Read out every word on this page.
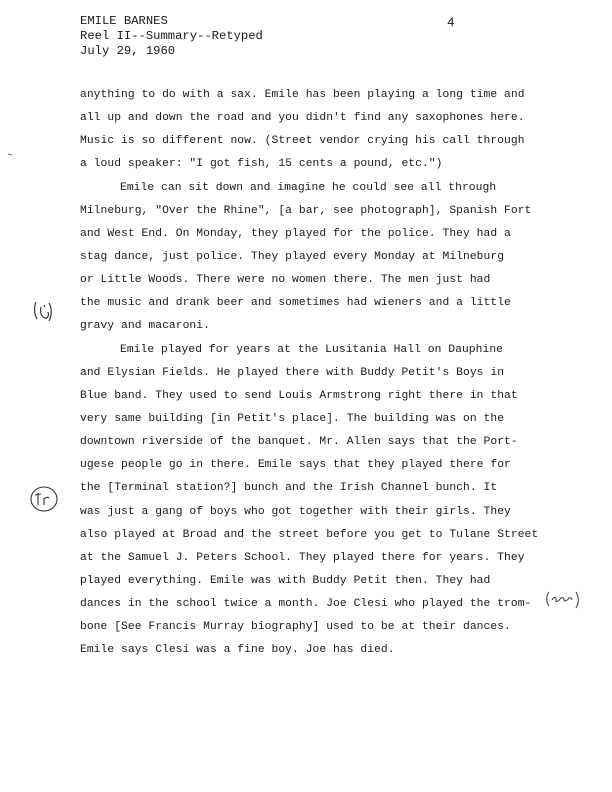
EMILE BARNES
Reel II--Summary--Retyped
July 29, 1960
4
anything to do with a sax. Emile has been playing a long time and
all up and down the road and you didn't find any saxophones here.
Music is so different now. (Street vendor crying his call through
a loud speaker: "I got fish, 15 cents a pound, etc.")
Emile can sit down and imagine he could see all through
Milneburg, "Over the Rhine", [a bar, see photograph], Spanish Fort
and West End. On Monday, they played for the police. They had a
stag dance, just police. They played every Monday at Milneburg
or Little Woods. There were no women there. The men just had
the music and drank beer and sometimes had wieners and a little
gravy and macaroni.
Emile played for years at the Lusitania Hall on Dauphine
and Elysian Fields. He played there with Buddy Petit's Boys in
Blue band. They used to send Louis Armstrong right there in that
very same building [in Petit's place]. The building was on the
downtown riverside of the banquet. Mr. Allen says that the Port-
ugese people go in there. Emile says that they played there for
the [Terminal station?] bunch and the Irish Channel bunch. It
was just a gang of boys who got together with their girls. They
also played at Broad and the street before you get to Tulane Street
at the Samuel J. Peters School. They played there for years. They
played everything. Emile was with Buddy Petit then. They had
dances in the school twice a month. Joe Clesi who played the trom-
bone [See Francis Murray biography] used to be at their dances.
Emile says Clesi was a fine boy. Joe has died.
